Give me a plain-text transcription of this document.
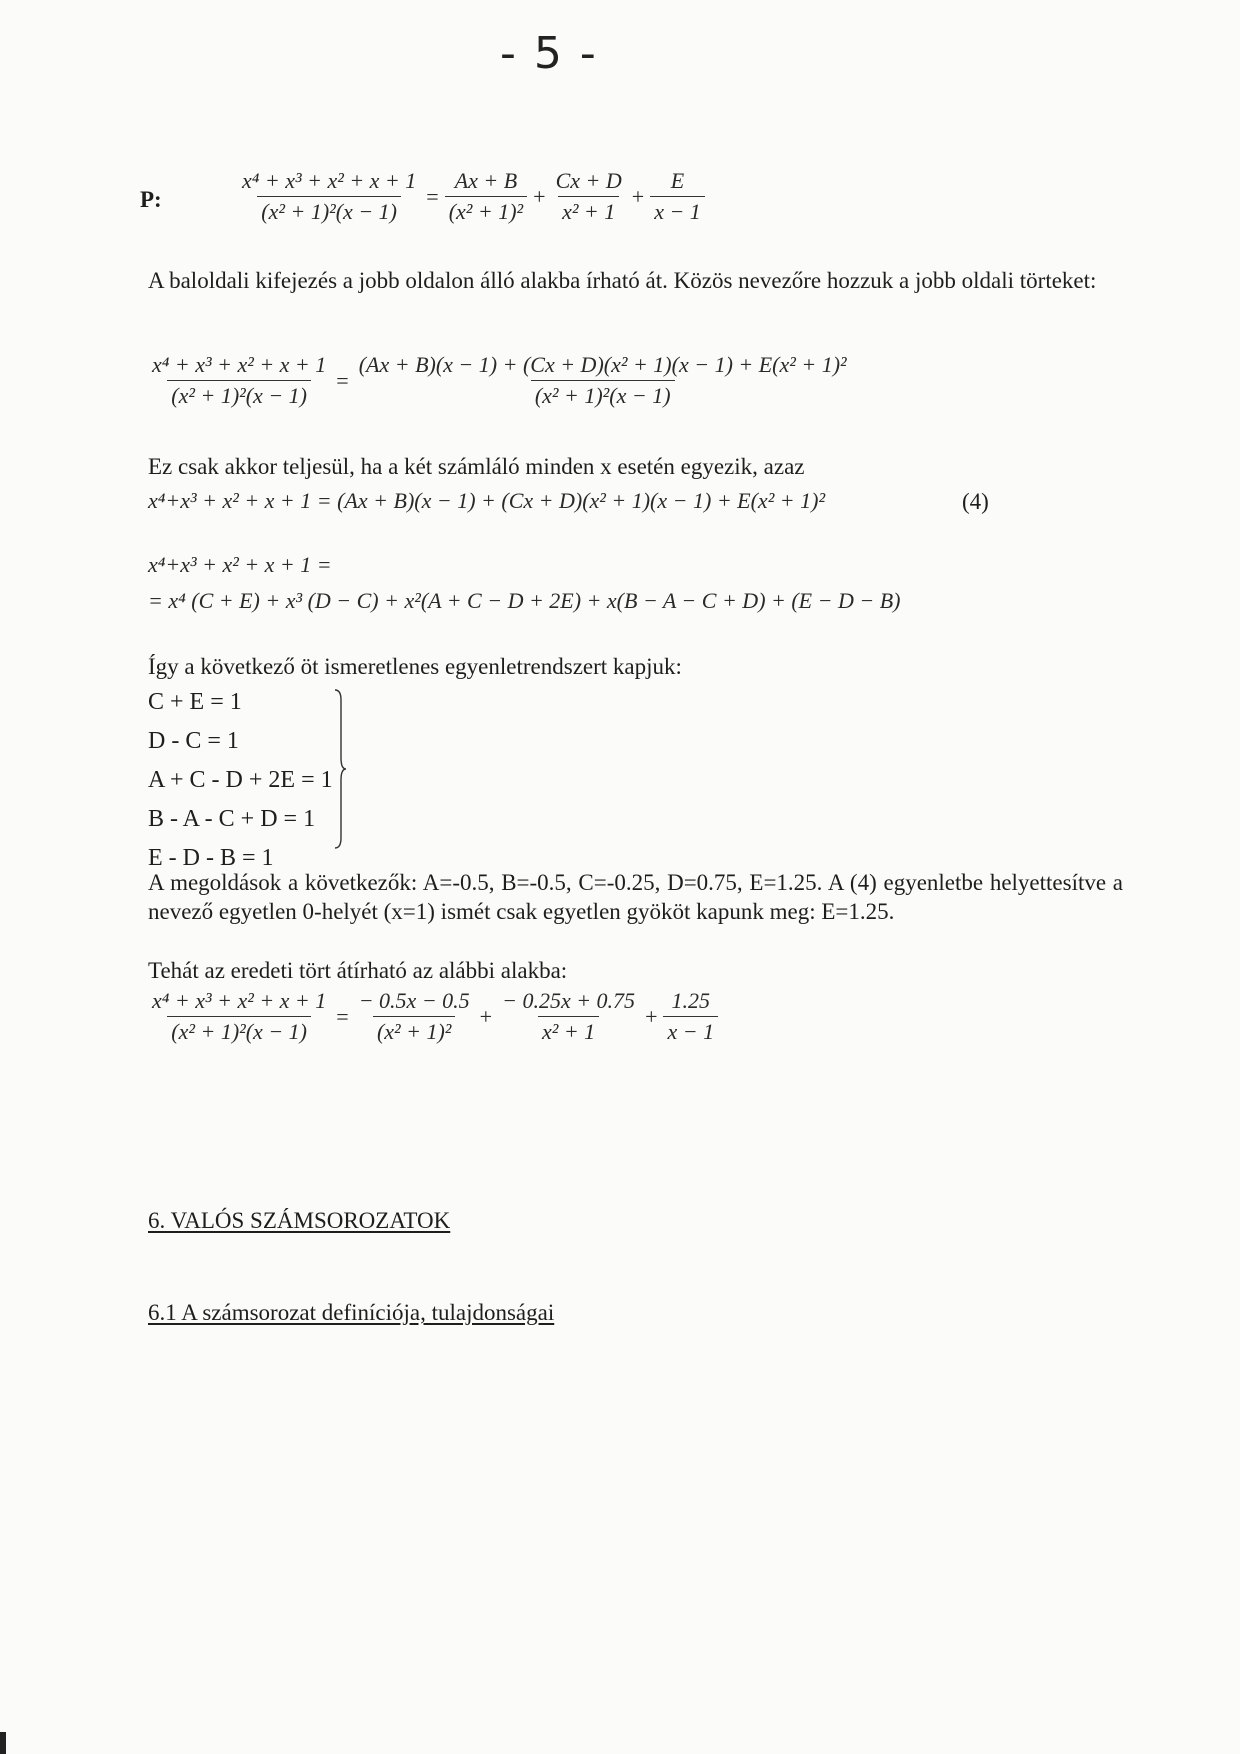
- 5 -
P:	$\frac{\text{x⁴ + x³ + x² + x + 1}}{\text{(x² + 1)²(x − 1)}} = \frac{Ax + B}{\text{(x² + 1)²}} + \frac{Cx + D}{\text{x² + 1}} + \frac{E}{x - 1}$
A baloldali kifejezés a jobb oldalon álló alakba írható át. Közös nevezőre hozzuk a jobb oldali törteket:
$\frac{\text{x⁴ + x³ + x² + x + 1}}{\text{(x² + 1)²(x − 1)}} = \frac{\text{(Ax + B)(x − 1) + (Cx + D)(x² + 1)(x − 1) + E(x² + 1)²}}{\text{(x² + 1)²(x − 1)}}$
Ez csak akkor teljesül, ha a két számláló minden x esetén egyezik, azaz
x⁴+x³ + x² + x + 1 = (Ax + B)(x − 1) + (Cx + D)(x² + 1)(x − 1) + E(x² + 1)²	(4)
x⁴+x³ + x² + x + 1 =
= x⁴ (C + E) + x³ (D − C) + x²(A + C − D + 2E) + x(B − A − C + D) + (E − D − B)
Így a következő öt ismeretlenes egyenletrendszert kapjuk:
C + E = 1
D - C = 1
A + C - D + 2E = 1
B - A - C + D = 1
E - D - B = 1
A megoldások a következők: A=-0.5, B=-0.5, C=-0.25, D=0.75, E=1.25. A (4) egyenletbe helyettesítve a nevező egyetlen 0-helyét (x=1) ismét csak egyetlen gyököt kapunk meg: E=1.25.
Tehát az eredeti tört átírható az alábbi alakba:
$\frac{\text{x⁴ + x³ + x² + x + 1}}{\text{(x² + 1)²(x − 1)}} = \frac{- 0.5x - 0.5}{\text{(x² + 1)²}} + \frac{- 0.25x + 0.75}{\text{x² + 1}} + \frac{1.25}{x - 1}$
6. VALÓS SZÁMSOROZATOK
6.1 A számsorozat definíciója, tulajdonságai
